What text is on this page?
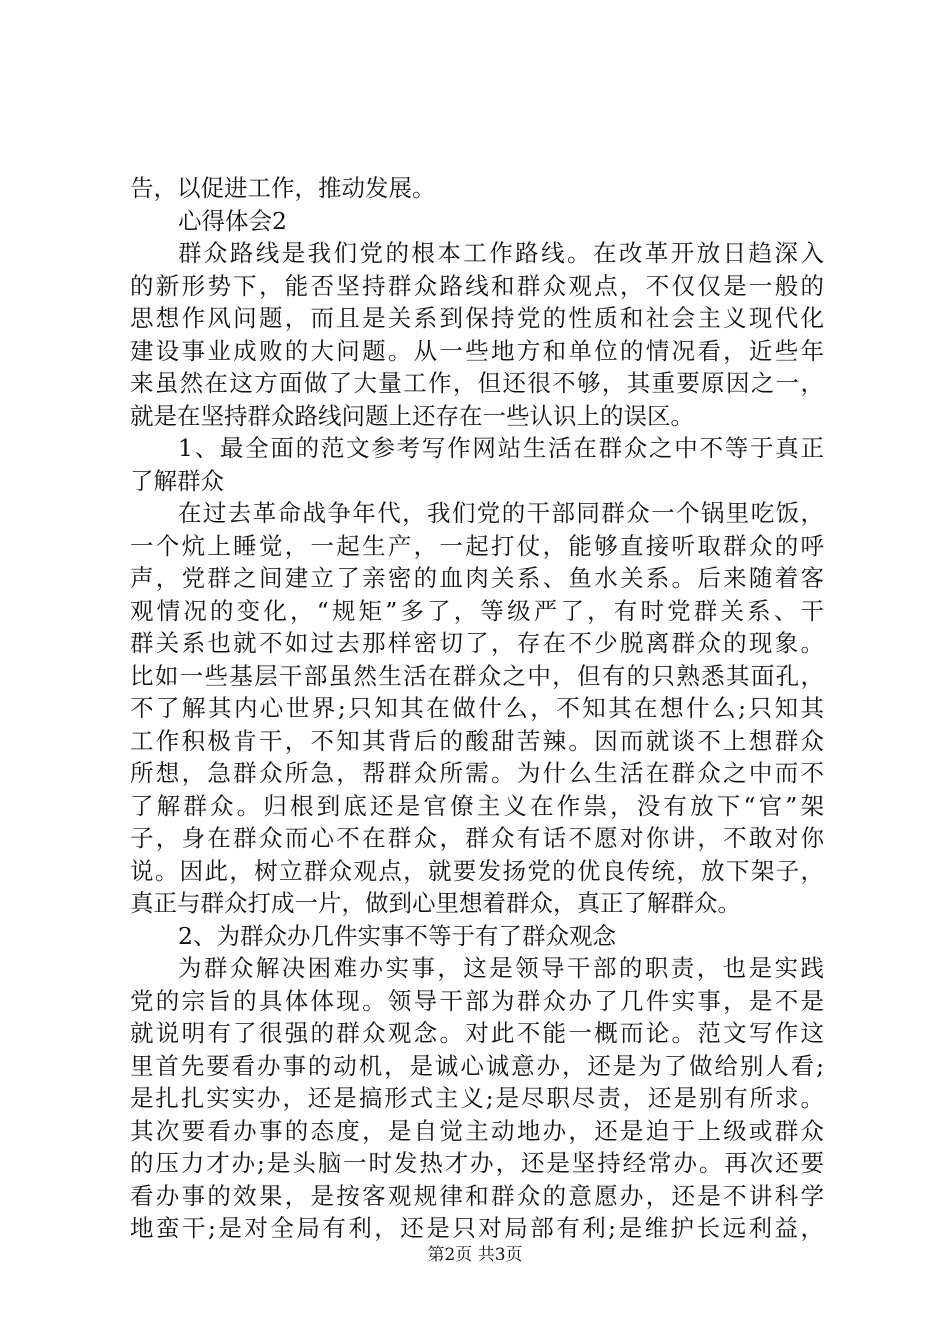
告，以促进工作，推动发展。
心得体会2
群众路线是我们党的根本工作路线。在改革开放日趋深入
的新形势下，能否坚持群众路线和群众观点，不仅仅是一般的
思想作风问题，而且是关系到保持党的性质和社会主义现代化
建设事业成败的大问题。从一些地方和单位的情况看，近些年
来虽然在这方面做了大量工作，但还很不够，其重要原因之一，
就是在坚持群众路线问题上还存在一些认识上的误区。
1、最全面的范文参考写作网站生活在群众之中不等于真正
了解群众
在过去革命战争年代，我们党的干部同群众一个锅里吃饭，
一个炕上睡觉，一起生产，一起打仗，能够直接听取群众的呼
声，党群之间建立了亲密的血肉关系、鱼水关系。后来随着客
观情况的变化，“规矩”多了，等级严了，有时党群关系、干
群关系也就不如过去那样密切了，存在不少脱离群众的现象。
比如一些基层干部虽然生活在群众之中，但有的只熟悉其面孔，
不了解其内心世界;只知其在做什么，不知其在想什么;只知其
工作积极肯干，不知其背后的酸甜苦辣。因而就谈不上想群众
所想，急群众所急，帮群众所需。为什么生活在群众之中而不
了解群众。归根到底还是官僚主义在作祟，没有放下“官”架
子，身在群众而心不在群众，群众有话不愿对你讲，不敢对你
说。因此，树立群众观点，就要发扬党的优良传统，放下架子，
真正与群众打成一片，做到心里想着群众，真正了解群众。
2、为群众办几件实事不等于有了群众观念
为群众解决困难办实事，这是领导干部的职责，也是实践
党的宗旨的具体体现。领导干部为群众办了几件实事，是不是
就说明有了很强的群众观念。对此不能一概而论。范文写作这
里首先要看办事的动机，是诚心诚意办，还是为了做给别人看;
是扎扎实实办，还是搞形式主义;是尽职尽责，还是别有所求。
其次要看办事的态度，是自觉主动地办，还是迫于上级或群众
的压力才办;是头脑一时发热才办，还是坚持经常办。再次还要
看办事的效果，是按客观规律和群众的意愿办，还是不讲科学
地蛮干;是对全局有利，还是只对局部有利;是维护长远利益，
第2页 共3页
